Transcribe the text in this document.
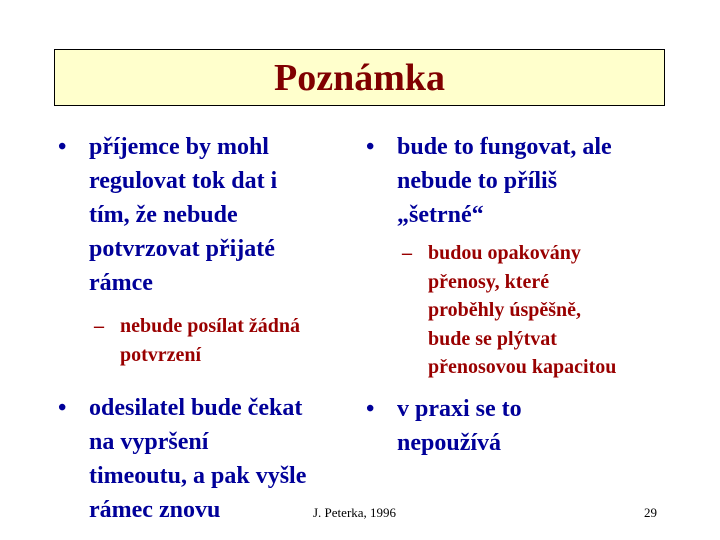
Poznámka
• příjemce by mohl
regulovat tok dat i
tím, že nebude
potvrzovat přijaté
rámce
– nebude posílat žádná
potvrzení
• odesilatel bude čekat
na vypršení
timeoutu, a pak vyšle
rámec znovu
• bude to fungovat, ale
nebude to příliš
„šetrné“
– budou opakovány
přenosy, které
proběhly úspěšně,
bude se plýtvat
přenosovou kapacitou
• v praxi se to
nepoužívá
J. Peterka, 1996	29
